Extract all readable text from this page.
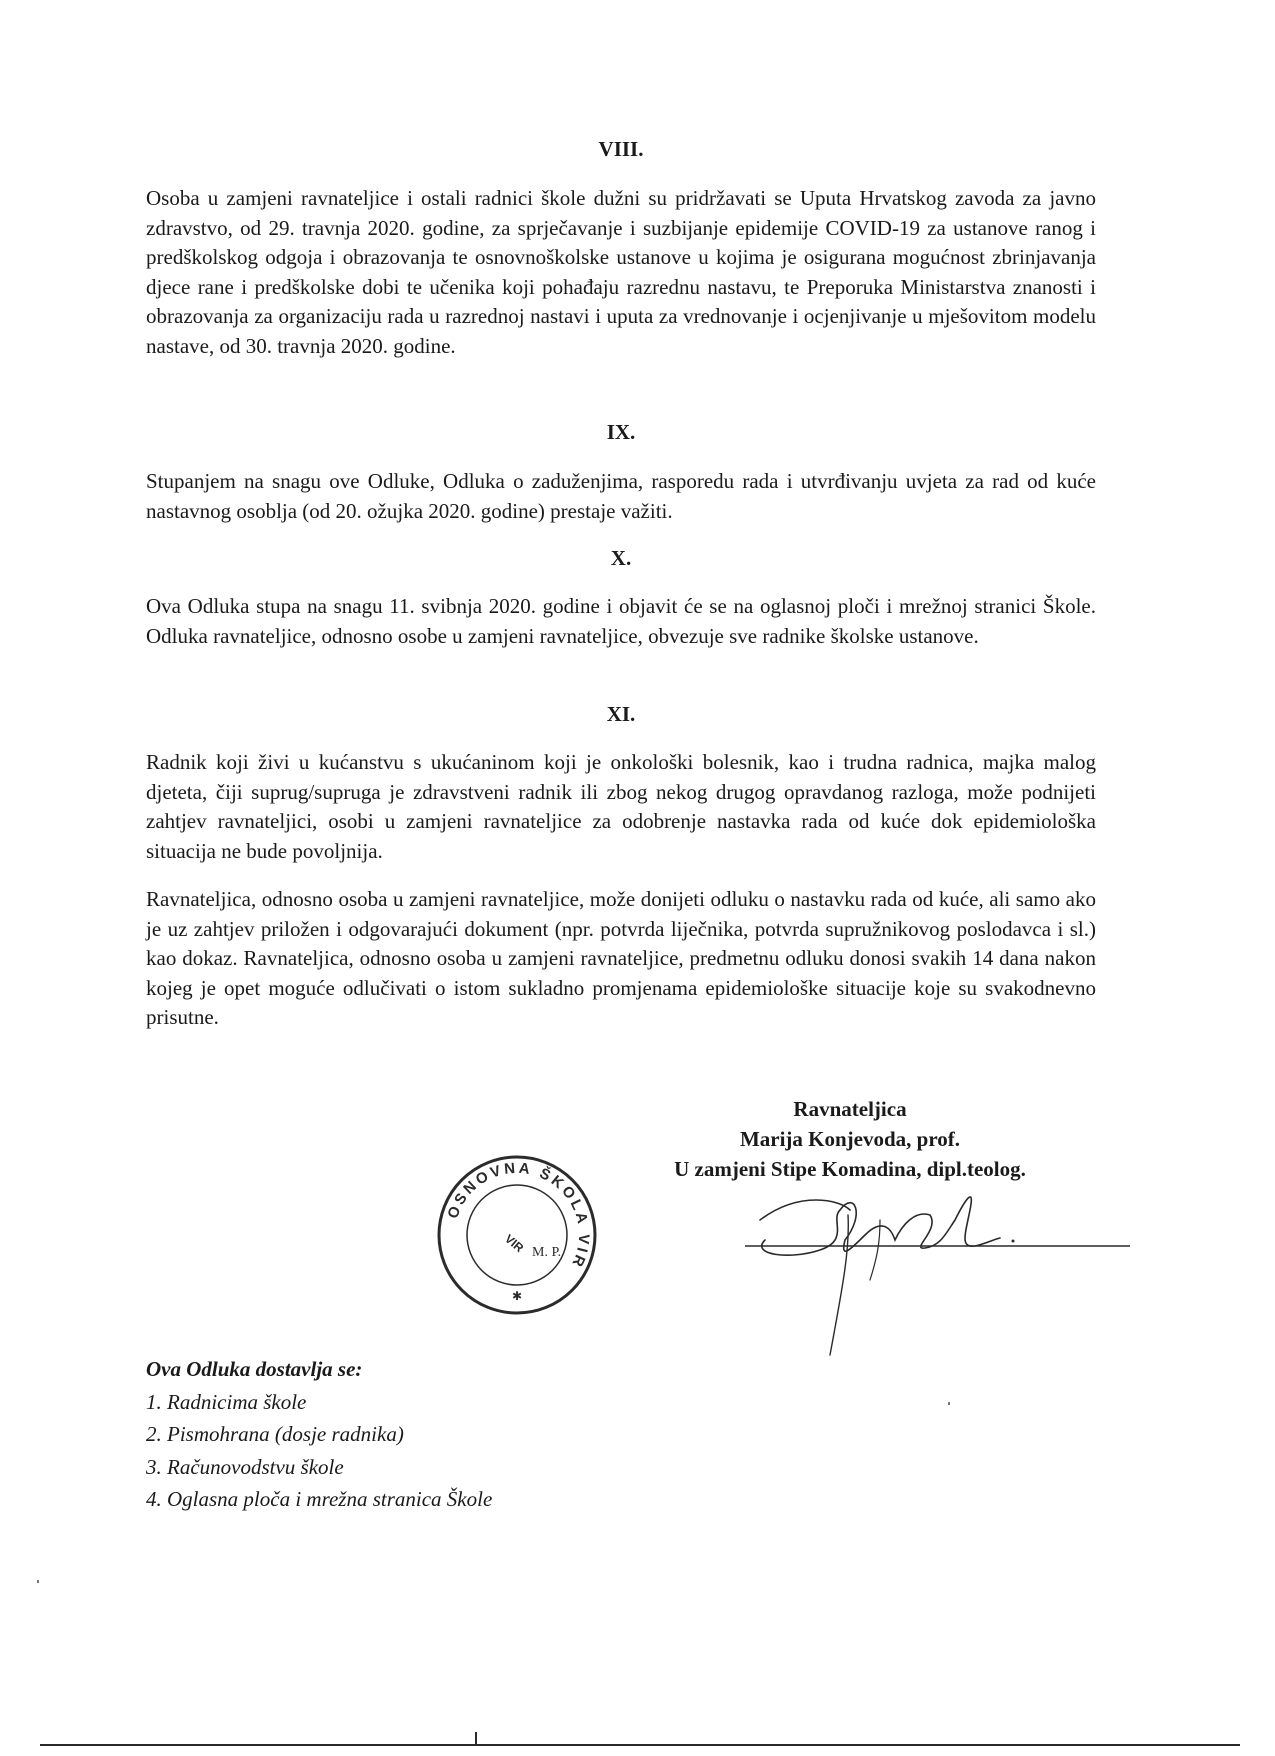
VIII.

Osoba u zamjeni ravnateljice i ostali radnici škole dužni su pridržavati se Uputa Hrvatskog zavoda za javno zdravstvo, od 29. travnja 2020. godine, za sprječavanje i suzbijanje epidemije COVID-19 za ustanove ranog i predškolskog odgoja i obrazovanja te osnovnoškolske ustanove u kojima je osigurana mogućnost zbrinjavanja djece rane i predškolske dobi te učenika koji pohađaju razrednu nastavu, te Preporuka Ministarstva znanosti i obrazovanja za organizaciju rada u razrednoj nastavi i uputa za vrednovanje i ocjenjivanje u mješovitom modelu nastave, od 30. travnja 2020. godine.

IX.

Stupanjem na snagu ove Odluke, Odluka o zaduženjima, rasporedu rada i utvrđivanju uvjeta za rad od kuće nastavnog osoblja (od 20. ožujka 2020. godine) prestaje važiti.

X.

Ova Odluka stupa na snagu 11. svibnja 2020. godine i objavit će se na oglasnoj ploči i mrežnoj stranici Škole. Odluka ravnateljice, odnosno osobe u zamjeni ravnateljice, obvezuje sve radnike školske ustanove.

XI.

Radnik koji živi u kućanstvu s ukućaninom koji je onkološki bolesnik, kao i trudna radnica, majka malog djeteta, čiji suprug/supruga je zdravstveni radnik ili zbog nekog drugog opravdanog razloga, može podnijeti zahtjev ravnateljici, osobi u zamjeni ravnateljice za odobrenje nastavka rada od kuće dok epidemiološka situacija ne bude povoljnija.

Ravnateljica, odnosno osoba u zamjeni ravnateljice, može donijeti odluku o nastavku rada od kuće, ali samo ako je uz zahtjev priložen i odgovarajući dokument (npr. potvrda liječnika, potvrda supružnikovog poslodavca i sl.) kao dokaz. Ravnateljica, odnosno osoba u zamjeni ravnateljice, predmetnu odluku donosi svakih 14 dana nakon kojeg je opet moguće odlučivati o istom sukladno promjenama epidemiološke situacije koje su svakodnevno prisutne.

Ravnateljica
Marija Konjevoda, prof.
U zamjeni Stipe Komadina, dipl.teolog.
OSNOVNA ŠKOLA VIR
VIR M. P.
✱
Ova Odluka dostavlja se:
1. Radnicima škole
2. Pismohrana (dosje radnika)
3. Računovodstvu škole
4. Oglasna ploča i mrežna stranica Škole
